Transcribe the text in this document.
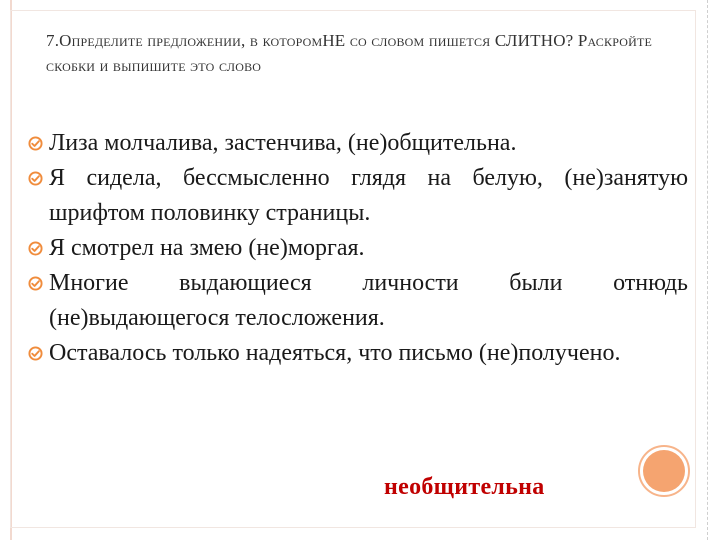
7.Определите предложении, в которомНЕ со словом пишется СЛИТНО? Раскройте скобки и выпишите это слово
Лиза молчалива, застенчива, (не)общительна.
Я сидела, бессмысленно глядя на белую, (не)занятую шрифтом половинку страницы.
Я смотрел на змею (не)моргая.
Многие выдающиеся личности были отнюдь (не)выдающегося телосложения.
Оставалось только надеяться, что письмо (не)получено.
необщительна
